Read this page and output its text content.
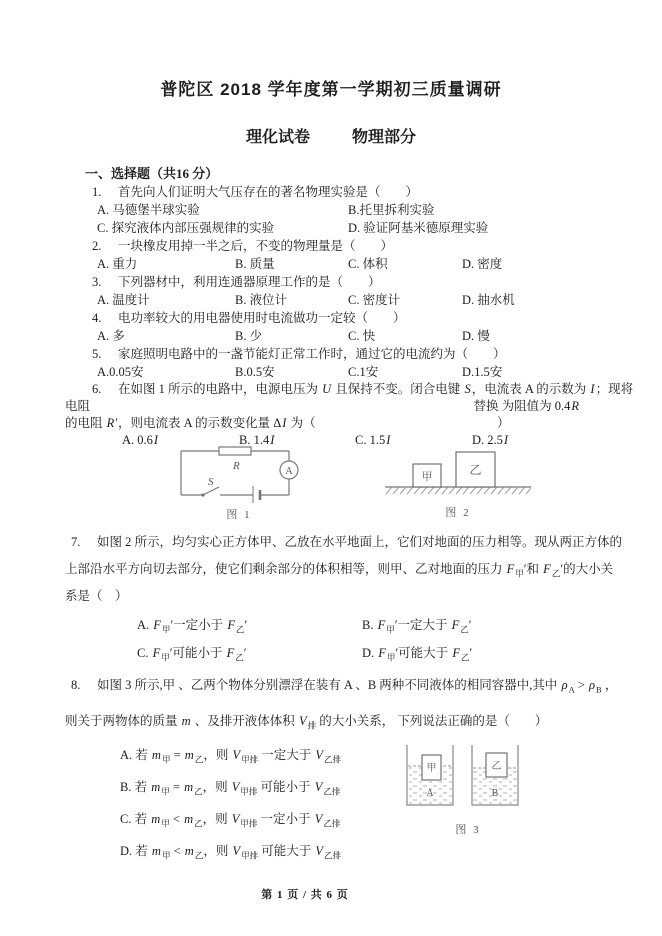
普陀区 2018 学年度第一学期初三质量调研
理化试卷	物理部分
一、选择题（共16 分）
1.	首先向人们证明大气压存在的著名物理实验是（　　）
A. 马德堡半球实验	B.托里拆利实验
C. 探究液体内部压强规律的实验	D. 验证阿基米德原理实验
2.	一块橡皮用掉一半之后，不变的物理量是（　　）
A. 重力	B. 质量	C. 体积	D. 密度
3.	下列器材中，利用连通器原理工作的是（　　）
A. 温度计	B. 液位计	C. 密度计	D. 抽水机
4.	电功率较大的用电器使用时电流做功一定较（　　）
A. 多	B. 少	C. 快	D. 慢
5.	家庭照明电路中的一盏节能灯正常工作时，通过它的电流约为（　　）
A.0.05安	B.0.5安	C.1安	D.1.5安
6.	在如图 1 所示的电路中，电源电压为 U 且保持不变。闭合电键 S，电流表 A 的示数为 I；现将
电阻	替换 为阻值为 0.4R
的电阻 R′，则电流表 A 的示数变化量 ΔI 为（	）
A. 0.6I	B. 1.4I	C. 1.5I	D. 2.5I
R
S
A
图 1
甲	乙
图 2
7.	如图 2 所示，均匀实心正方体甲、乙放在水平地面上，它们对地面的压力相等。现从两正方体的
上部沿水平方向切去部分，使它们剩余部分的体积相等，则甲、乙对地面的压力 $F_甲'$和 $F_乙'$的大小关
系是（　）
A. $F_甲'$一定小于 $F_乙'$	B. $F_甲'$一定大于 $F_乙'$
C. $F_甲'$可能小于 $F_乙'$	D. $F_甲'$可能大于 $F_乙'$
8.	如图 3 所示,甲 、乙两个物体分别漂浮在装有 A 、B 两种不同液体的相同容器中,其中 $\rho_A > \rho_B$ ，
则关于两物体的质量 m 、及排开液体体积 $V_排$ 的大小关系， 下列说法正确的是（　　）
A. 若 $m_甲 = m_乙$，则 $V_{甲排}$ 一定大于 $V_{乙排}$
B. 若 $m_甲 = m_乙$，则 $V_{甲排}$ 可能小于 $V_{乙排}$
C. 若 $m_甲 < m_乙$，则 $V_{甲排}$ 一定小于 $V_{乙排}$
D. 若 $m_甲 < m_乙$，则 $V_{甲排}$ 可能大于 $V_{乙排}$
甲	乙
A	B
图 3
第 1 页 / 共 6 页
